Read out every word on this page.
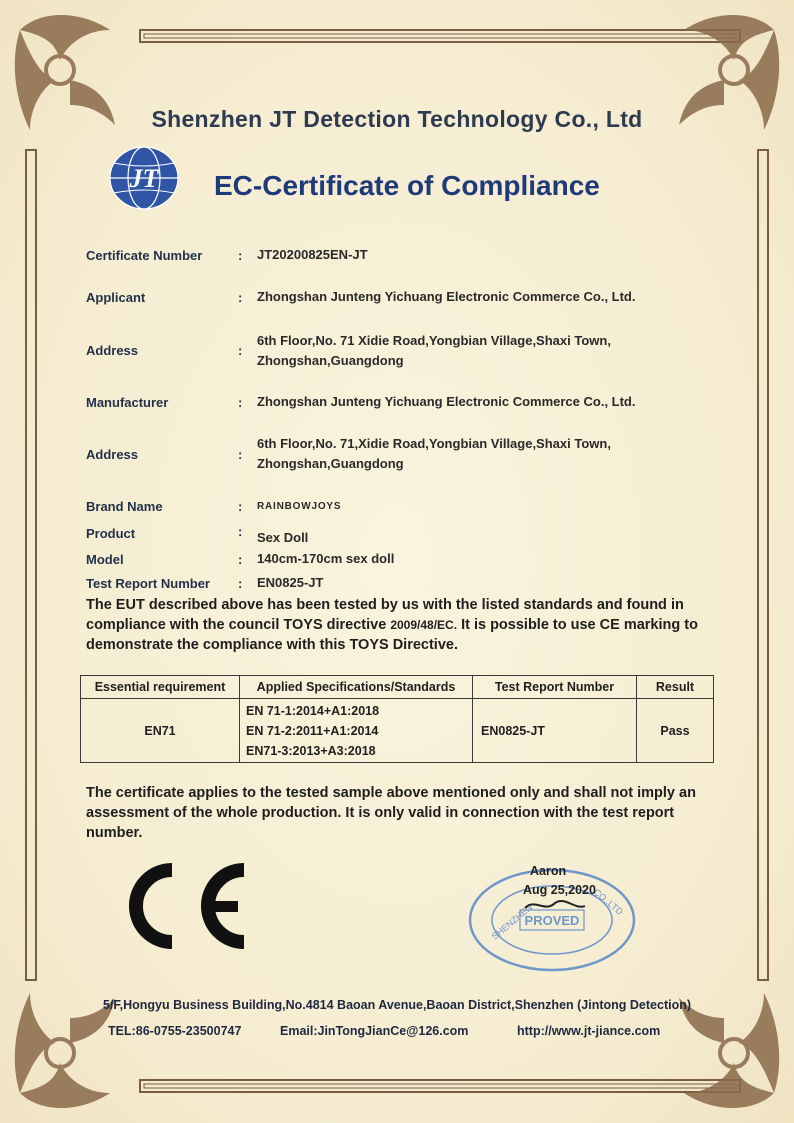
Shenzhen JT Detection Technology Co., Ltd
JT EC-Certificate of Compliance
Certificate Number	: JT20200825EN-JT
Applicant	: Zhongshan Junteng Yichuang Electronic Commerce Co., Ltd.
Address	:
6th Floor,No. 71 Xidie Road,Yongbian Village,Shaxi Town,
Zhongshan,Guangdong
Manufacturer	: Zhongshan Junteng Yichuang Electronic Commerce Co., Ltd.
Address	:
6th Floor,No. 71,Xidie Road,Yongbian Village,Shaxi Town,
Zhongshan,Guangdong
Brand Name	: RAINBOWJOYS
Product	: Sex Doll
Model	: 140cm-170cm sex doll
Test Report Number : EN0825-JT
The EUT described above has been tested by us with the listed standards and found in compliance with the council TOYS directive 2009/48/EC. It is possible to use CE marking to demonstrate the compliance with this TOYS Directive.
Essential requirement	Applied Specifications/Standards	Test Report Number	Result
EN71	EN 71-1:2014+A1:2018
EN 71-2:2011+A1:2014
EN71-3:2013+A3:2018	EN0825-JT	Pass
The certificate applies to the tested sample above mentioned only and shall not imply an assessment of the whole production. It is only valid in connection with the test report number.
PROVED
SHENZHEN
CO.,LTD
Aaron
Aug 25,2020
5/F,Hongyu Business Building,No.4814 Baoan Avenue,Baoan District,Shenzhen (Jintong Detection)
TEL:86-0755-23500747	Email:JinTongJianCe@126.com	http://www.jt-jiance.com
